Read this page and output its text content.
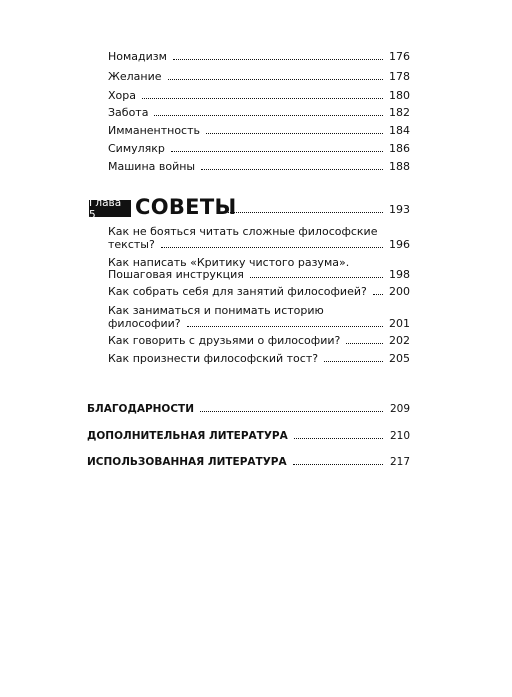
Номадизм	176
Желание	178
Хора	180
Забота	182
Имманентность	184
Симулякр	186
Машина войны	188
Глава 5	СОВЕТЫ	193
Как не бояться читать сложные философские
тексты?	196
Как написать «Критику чистого разума».
Пошаговая инструкция	198
Как собрать себя для занятий философией? 200
Как заниматься и понимать историю
философии?	201
Как говорить с друзьями о философии?	202
Как произнести философский тост?	205
БЛАГОДАРНОСТИ	209
ДОПОЛНИТЕЛЬНАЯ ЛИТЕРАТУРА	210
ИСПОЛЬЗОВАННАЯ ЛИТЕРАТУРА	217
